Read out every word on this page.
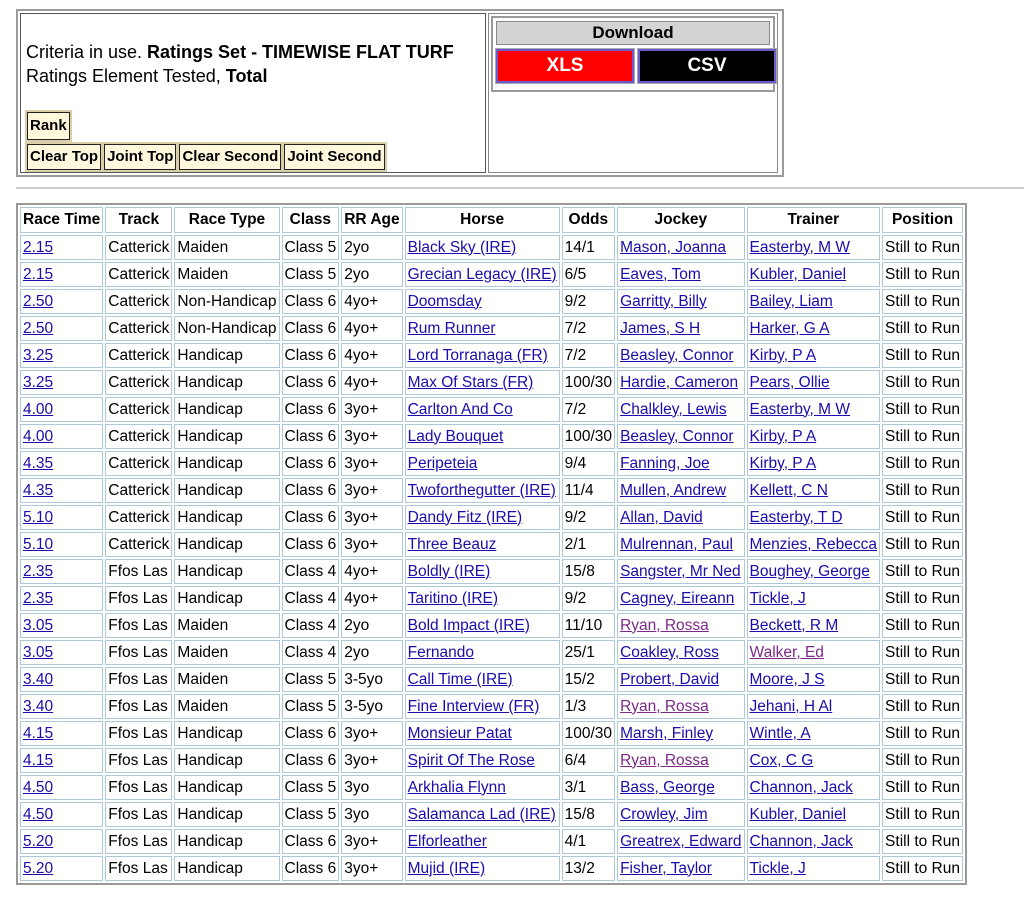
Criteria in use. Ratings Set - TIMEWISE FLAT TURF
Ratings Element Tested, Total
Rank
Clear Top Joint Top Clear Second Joint Second
Download
XLS	CSV
Race Time	Track	Race Type	Class	RR Age	Horse	Odds	Jockey	Trainer	Position
2.15	Catterick	Maiden	Class 5	2yo	Black Sky (IRE)	14/1	Mason, Joanna	Easterby, M W	Still to Run
2.15	Catterick	Maiden	Class 5	2yo	Grecian Legacy (IRE)	6/5	Eaves, Tom	Kubler, Daniel	Still to Run
2.50	Catterick	Non-Handicap	Class 6	4yo+	Doomsday	9/2	Garritty, Billy	Bailey, Liam	Still to Run
2.50	Catterick	Non-Handicap	Class 6	4yo+	Rum Runner	7/2	James, S H	Harker, G A	Still to Run
3.25	Catterick	Handicap	Class 6	4yo+	Lord Torranaga (FR)	7/2	Beasley, Connor	Kirby, P A	Still to Run
3.25	Catterick	Handicap	Class 6	4yo+	Max Of Stars (FR)	100/30	Hardie, Cameron	Pears, Ollie	Still to Run
4.00	Catterick	Handicap	Class 6	3yo+	Carlton And Co	7/2	Chalkley, Lewis	Easterby, M W	Still to Run
4.00	Catterick	Handicap	Class 6	3yo+	Lady Bouquet	100/30	Beasley, Connor	Kirby, P A	Still to Run
4.35	Catterick	Handicap	Class 6	3yo+	Peripeteia	9/4	Fanning, Joe	Kirby, P A	Still to Run
4.35	Catterick	Handicap	Class 6	3yo+	Twoforthegutter (IRE)	11/4	Mullen, Andrew	Kellett, C N	Still to Run
5.10	Catterick	Handicap	Class 6	3yo+	Dandy Fitz (IRE)	9/2	Allan, David	Easterby, T D	Still to Run
5.10	Catterick	Handicap	Class 6	3yo+	Three Beauz	2/1	Mulrennan, Paul	Menzies, Rebecca	Still to Run
2.35	Ffos Las	Handicap	Class 4	4yo+	Boldly (IRE)	15/8	Sangster, Mr Ned	Boughey, George	Still to Run
2.35	Ffos Las	Handicap	Class 4	4yo+	Taritino (IRE)	9/2	Cagney, Eireann	Tickle, J	Still to Run
3.05	Ffos Las	Maiden	Class 4	2yo	Bold Impact (IRE)	11/10	Ryan, Rossa	Beckett, R M	Still to Run
3.05	Ffos Las	Maiden	Class 4	2yo	Fernando	25/1	Coakley, Ross	Walker, Ed	Still to Run
3.40	Ffos Las	Maiden	Class 5	3-5yo	Call Time (IRE)	15/2	Probert, David	Moore, J S	Still to Run
3.40	Ffos Las	Maiden	Class 5	3-5yo	Fine Interview (FR)	1/3	Ryan, Rossa	Jehani, H Al	Still to Run
4.15	Ffos Las	Handicap	Class 6	3yo+	Monsieur Patat	100/30	Marsh, Finley	Wintle, A	Still to Run
4.15	Ffos Las	Handicap	Class 6	3yo+	Spirit Of The Rose	6/4	Ryan, Rossa	Cox, C G	Still to Run
4.50	Ffos Las	Handicap	Class 5	3yo	Arkhalia Flynn	3/1	Bass, George	Channon, Jack	Still to Run
4.50	Ffos Las	Handicap	Class 5	3yo	Salamanca Lad (IRE)	15/8	Crowley, Jim	Kubler, Daniel	Still to Run
5.20	Ffos Las	Handicap	Class 6	3yo+	Elforleather	4/1	Greatrex, Edward	Channon, Jack	Still to Run
5.20	Ffos Las	Handicap	Class 6	3yo+	Mujid (IRE)	13/2	Fisher, Taylor	Tickle, J	Still to Run
